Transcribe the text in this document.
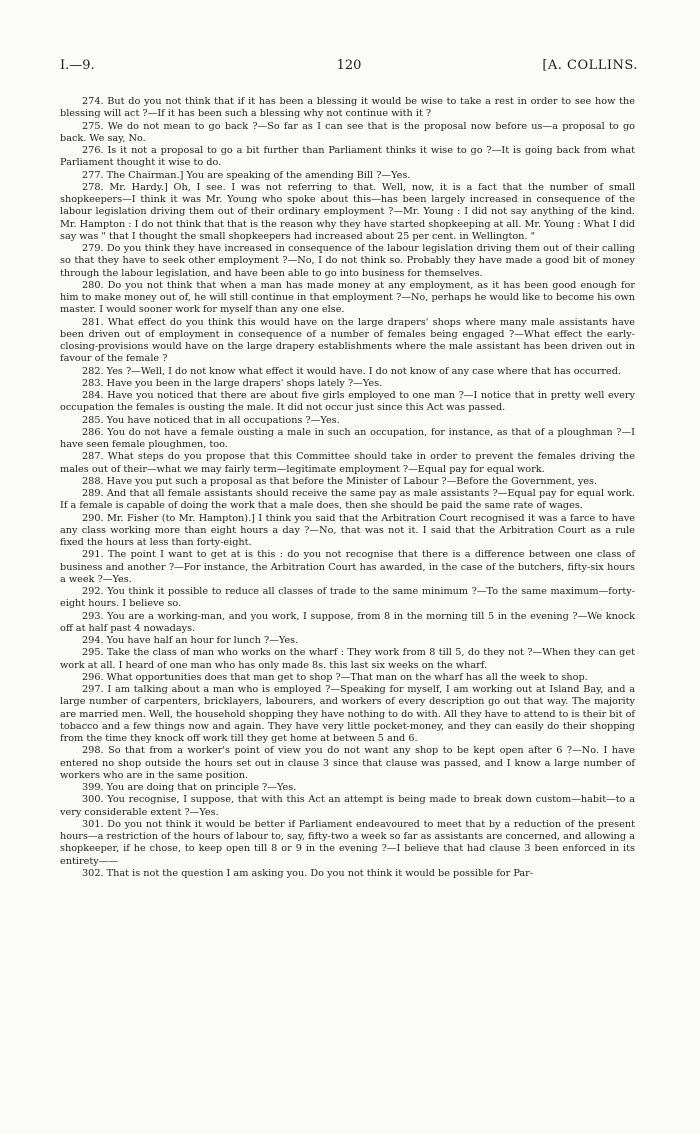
I.—9.	120	[A. COLLINS.

274. But do you not think that if it has been a blessing it would be wise to take a rest in order to see how the blessing will act ?—If it has been such a blessing why not continue with it ?

275. We do not mean to go back ?—So far as I can see that is the proposal now before us—a proposal to go back. We say, No.

276. Is it not a proposal to go a bit further than Parliament thinks it wise to go ?—It is going back from what Parliament thought it wise to do.

277. The Chairman.] You are speaking of the amending Bill ?—Yes.

278. Mr. Hardy.] Oh, I see. I was not referring to that. Well, now, it is a fact that the number of small shopkeepers—I think it was Mr. Young who spoke about this—has been largely increased in consequence of the labour legislation driving them out of their ordinary employment ?—Mr. Young : I did not say anything of the kind. Mr. Hampton : I do not think that that is the reason why they have started shopkeeping at all. Mr. Young : What I did say was " that I thought the small shopkeepers had increased about 25 per cent. in Wellington. "

279. Do you think they have increased in consequence of the labour legislation driving them out of their calling so that they have to seek other employment ?—No, I do not think so. Probably they have made a good bit of money through the labour legislation, and have been able to go into business for themselves.

280. Do you not think that when a man has made money at any employment, as it has been good enough for him to make money out of, he will still continue in that employment ?—No, perhaps he would like to become his own master. I would sooner work for myself than any one else.

281. What effect do you think this would have on the large drapers' shops where many male assistants have been driven out of employment in consequence of a number of females being engaged ?—What effect the early-closing-provisions would have on the large drapery establishments where the male assistant has been driven out in favour of the female ?

282. Yes ?—Well, I do not know what effect it would have. I do not know of any case where that has occurred.

283. Have you been in the large drapers' shops lately ?—Yes.

284. Have you noticed that there are about five girls employed to one man ?—I notice that in pretty well every occupation the females is ousting the male. It did not occur just since this Act was passed.

285. You have noticed that in all occupations ?—Yes.

286. You do not have a female ousting a male in such an occupation, for instance, as that of a ploughman ?—I have seen female ploughmen, too.

287. What steps do you propose that this Committee should take in order to prevent the females driving the males out of their—what we may fairly term—legitimate employment ?—Equal pay for equal work.

288. Have you put such a proposal as that before the Minister of Labour ?—Before the Government, yes.

289. And that all female assistants should receive the same pay as male assistants ?—Equal pay for equal work. If a female is capable of doing the work that a male does, then she should be paid the same rate of wages.

290. Mr. Fisher (to Mr. Hampton).] I think you said that the Arbitration Court recognised it was a farce to have any class working more than eight hours a day ?—No, that was not it. I said that the Arbitration Court as a rule fixed the hours at less than forty-eight.

291. The point I want to get at is this : do you not recognise that there is a difference between one class of business and another ?—For instance, the Arbitration Court has awarded, in the case of the butchers, fifty-six hours a week ?—Yes.

292. You think it possible to reduce all classes of trade to the same minimum ?—To the same maximum—forty-eight hours. I believe so.

293. You are a working-man, and you work, I suppose, from 8 in the morning till 5 in the evening ?—We knock off at half past 4 nowadays.

294. You have half an hour for lunch ?—Yes.

295. Take the class of man who works on the wharf : They work from 8 till 5, do they not ?—When they can get work at all. I heard of one man who has only made 8s. this last six weeks on the wharf.

296. What opportunities does that man get to shop ?—That man on the wharf has all the week to shop.

297. I am talking about a man who is employed ?—Speaking for myself, I am working out at Island Bay, and a large number of carpenters, bricklayers, labourers, and workers of every description go out that way. The majority are married men. Well, the household shopping they have nothing to do with. All they have to attend to is their bit of tobacco and a few things now and again. They have very little pocket-money, and they can easily do their shopping from the time they knock off work till they get home at between 5 and 6.

298. So that from a worker's point of view you do not want any shop to be kept open after 6 ?—No. I have entered no shop outside the hours set out in clause 3 since that clause was passed, and I know a large number of workers who are in the same position.

399. You are doing that on principle ?—Yes.

300. You recognise, I suppose, that with this Act an attempt is being made to break down custom—habit—to a very considerable extent ?—Yes.

301. Do you not think it would be better if Parliament endeavoured to meet that by a reduction of the present hours—a restriction of the hours of labour to, say, fifty-two a week so far as assistants are concerned, and allowing a shopkeeper, if he chose, to keep open till 8 or 9 in the evening ?—I believe that had clause 3 been enforced in its entirety——

302. That is not the question I am asking you. Do you not think it would be possible for Par-
